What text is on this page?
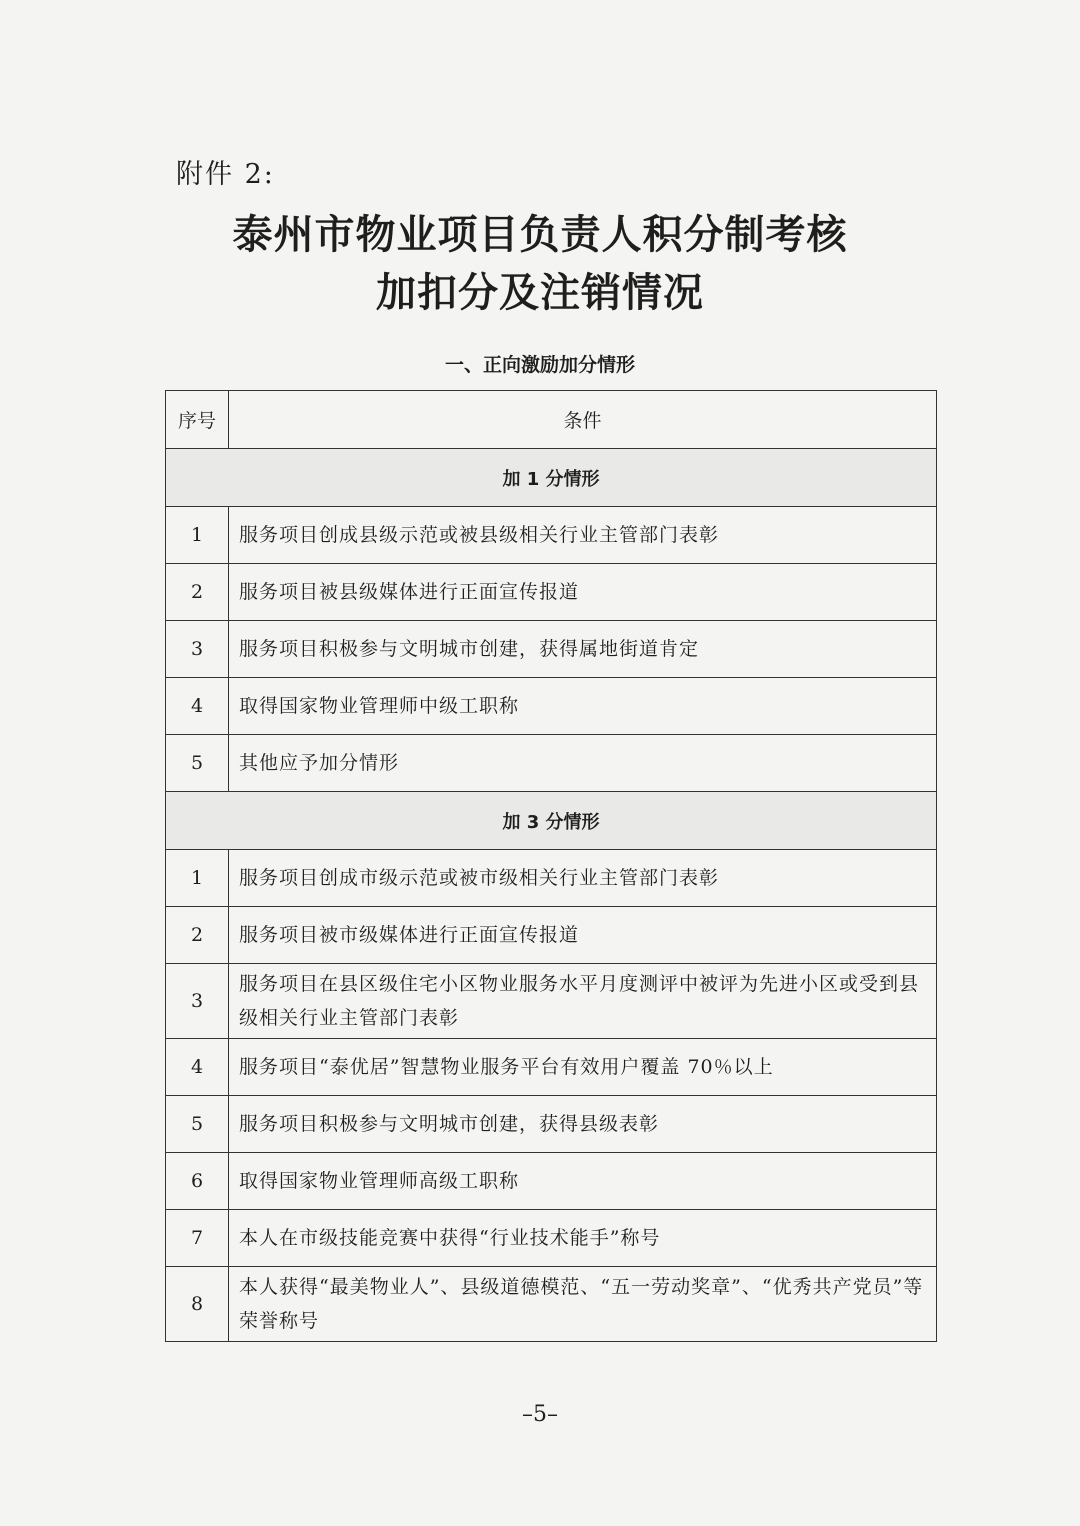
附件 2:
泰州市物业项目负责人积分制考核
加扣分及注销情况
一、正向激励加分情形
序号	条件
加 1 分情形	
1	服务项目创成县级示范或被县级相关行业主管部门表彰
2	服务项目被县级媒体进行正面宣传报道
3	服务项目积极参与文明城市创建，获得属地街道肯定
4	取得国家物业管理师中级工职称
5	其他应予加分情形
加 3 分情形	
1	服务项目创成市级示范或被市级相关行业主管部门表彰
2	服务项目被市级媒体进行正面宣传报道
3	服务项目在县区级住宅小区物业服务水平月度测评中被评为先进小区或受到县级相关行业主管部门表彰
4	服务项目“泰优居”智慧物业服务平台有效用户覆盖 70％以上
5	服务项目积极参与文明城市创建，获得县级表彰
6	取得国家物业管理师高级工职称
7	本人在市级技能竞赛中获得“行业技术能手”称号
8	本人获得“最美物业人”、县级道德模范、“五一劳动奖章”、“优秀共产党员”等荣誉称号
–5–
